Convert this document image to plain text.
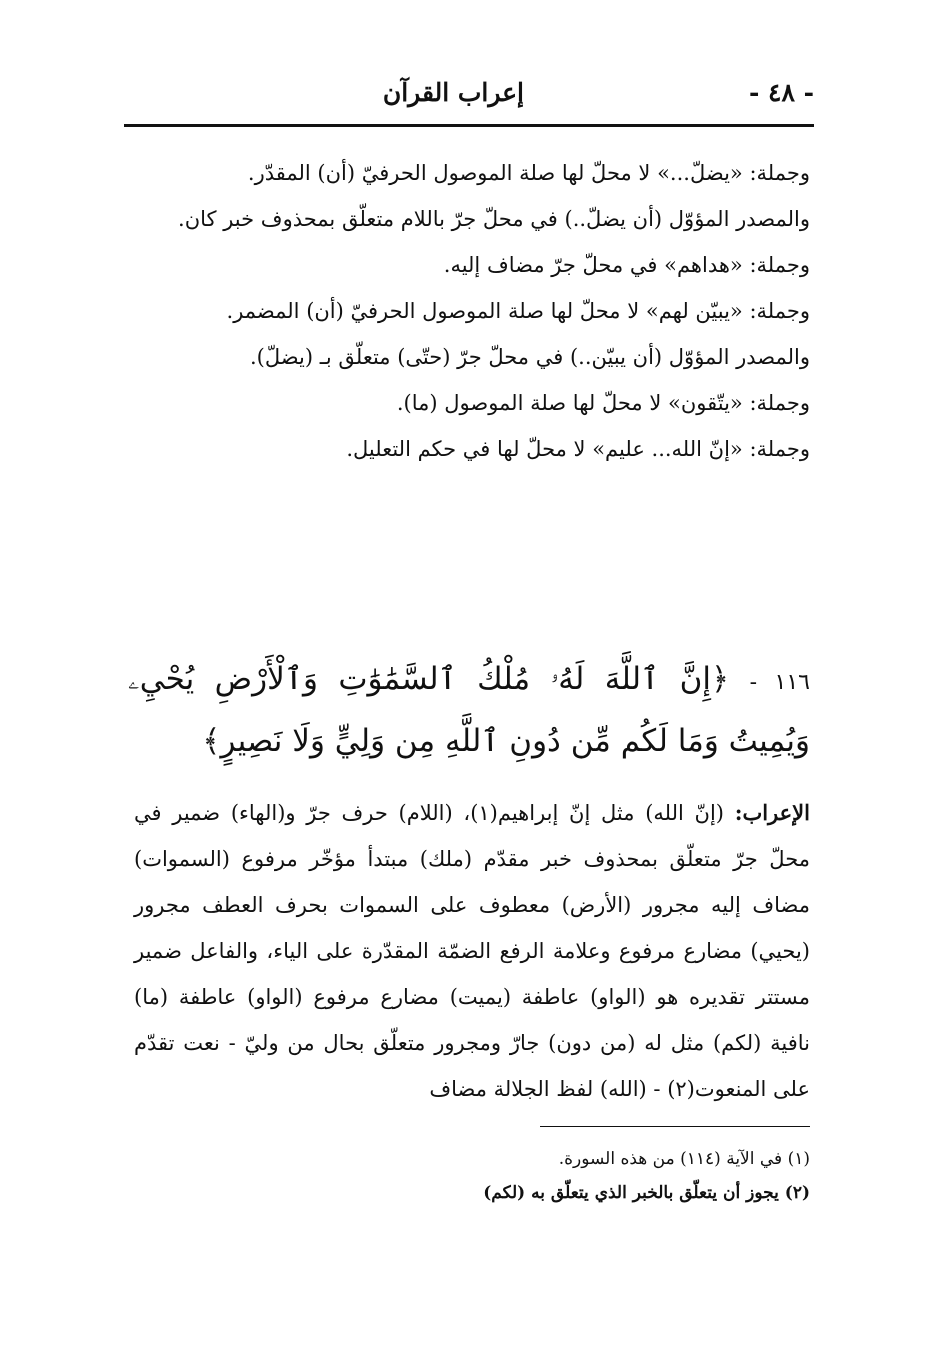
- ٤٨ -
إعراب القرآن

وجملة: «يضلّ...» لا محلّ لها صلة الموصول الحرفيّ (أن) المقدّر.

والمصدر المؤوّل (أن يضلّ..) في محلّ جرّ باللام متعلّق بمحذوف خبر كان.

وجملة: «هداهم» في محلّ جرّ مضاف إليه.

وجملة: «يبيّن لهم» لا محلّ لها صلة الموصول الحرفيّ (أن) المضمر.

والمصدر المؤوّل (أن يبيّن..) في محلّ جرّ (حتّى) متعلّق بـ (يضلّ).

وجملة: «يتّقون» لا محلّ لها صلة الموصول (ما).

وجملة: «إنّ الله... عليم» لا محلّ لها في حكم التعليل.

١١٦ - ﴿إِنَّ ٱللَّهَ لَهُۥ مُلْكُ ٱلسَّمَٰوَٰتِ وَٱلْأَرْضِ يُحْيِۦ وَيُمِيتُ وَمَا لَكُم مِّن دُونِ ٱللَّهِ مِن وَلِيٍّ وَلَا نَصِيرٍ﴾

الإعراب: (إنّ الله) مثل إنّ إبراهيم(١)، (اللام) حرف جرّ و(الهاء) ضمير في محلّ جرّ متعلّق بمحذوف خبر مقدّم (ملك) مبتدأ مؤخّر مرفوع (السموات) مضاف إليه مجرور (الأرض) معطوف على السموات بحرف العطف مجرور (يحيي) مضارع مرفوع وعلامة الرفع الضمّة المقدّرة على الياء، والفاعل ضمير مستتر تقديره هو (الواو) عاطفة (يميت) مضارع مرفوع (الواو) عاطفة (ما) نافية (لكم) مثل له (من دون) جارّ ومجرور متعلّق بحال من وليّ - نعت تقدّم على المنعوت(٢) - (الله) لفظ الجلالة مضاف

(١) في الآية (١١٤) من هذه السورة.

(٢) يجوز أن يتعلّق بالخبر الذي يتعلّق به (لكم)
